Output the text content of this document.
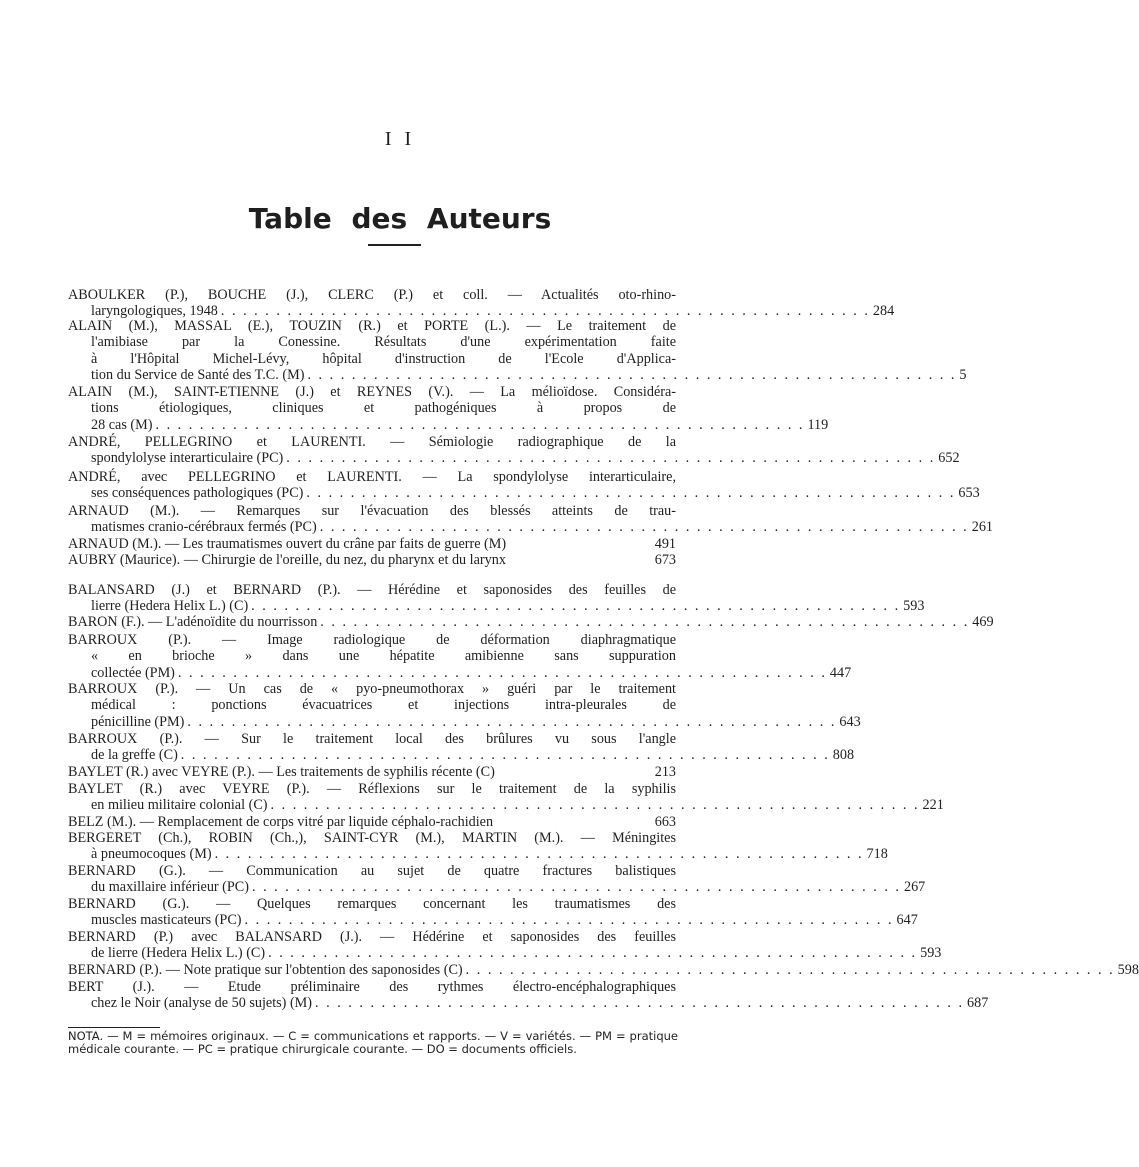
I I
Table des Auteurs
ABOULKER (P.), BOUCHE (J.), CLERC (P.) et coll. — Actualités oto-rhino-
laryngologiques, 1948 . . . . . . . . . . . . . . . . . . . . . . . . . . . . . . . . . . . . . . . . . . . . . . . . . . . . . . . . . . . 284
ALAIN (M.), MASSAL (E.), TOUZIN (R.) et PORTE (L.). — Le traitement de
l'amibiase par la Conessine. Résultats d'une expérimentation faite
à l'Hôpital Michel-Lévy, hôpital d'instruction de l'Ecole d'Applica-
tion du Service de Santé des T.C. (M) . . . . . . . . . . . . . . . . . . . . . . . . . . . . . . . . . . . . . . . . . . . . . . . . . . . . . . . . . . . 5
ALAIN (M.), SAINT-ETIENNE (J.) et REYNES (V.). — La mélioïdose. Considéra-
tions étiologiques, cliniques et pathogéniques à propos de
28 cas (M) . . . . . . . . . . . . . . . . . . . . . . . . . . . . . . . . . . . . . . . . . . . . . . . . . . . . . . . . . . . 119
ANDRÉ, PELLEGRINO et LAURENTI. — Sémiologie radiographique de la
spondylolyse interarticulaire (PC) . . . . . . . . . . . . . . . . . . . . . . . . . . . . . . . . . . . . . . . . . . . . . . . . . . . . . . . . . . . 652
ANDRÉ, avec PELLEGRINO et LAURENTI. — La spondylolyse interarticulaire,
ses conséquences pathologiques (PC) . . . . . . . . . . . . . . . . . . . . . . . . . . . . . . . . . . . . . . . . . . . . . . . . . . . . . . . . . . . 653
ARNAUD (M.). — Remarques sur l'évacuation des blessés atteints de trau-
matismes cranio-cérébraux fermés (PC) . . . . . . . . . . . . . . . . . . . . . . . . . . . . . . . . . . . . . . . . . . . . . . . . . . . . . . . . . . . 261
ARNAUD (M.). — Les traumatismes ouvert du crâne par faits de guerre (M)	491
AUBRY (Maurice). — Chirurgie de l'oreille, du nez, du pharynx et du larynx	673
BALANSARD (J.) et BERNARD (P.). — Hérédine et saponosides des feuilles de
lierre (Hedera Helix L.) (C) . . . . . . . . . . . . . . . . . . . . . . . . . . . . . . . . . . . . . . . . . . . . . . . . . . . . . . . . . . . 593
BARON (F.). — L'adénoïdite du nourrisson . . . . . . . . . . . . . . . . . . . . . . . . . . . . . . . . . . . . . . . . . . . . . . . . . . . . . . . . . . . 469
BARROUX (P.). — Image radiologique de déformation diaphragmatique
« en brioche » dans une hépatite amibienne sans suppuration
collectée (PM) . . . . . . . . . . . . . . . . . . . . . . . . . . . . . . . . . . . . . . . . . . . . . . . . . . . . . . . . . . . 447
BARROUX (P.). — Un cas de « pyo-pneumothorax » guéri par le traitement
médical : ponctions évacuatrices et injections intra-pleurales de
pénicilline (PM) . . . . . . . . . . . . . . . . . . . . . . . . . . . . . . . . . . . . . . . . . . . . . . . . . . . . . . . . . . . 643
BARROUX (P.). — Sur le traitement local des brûlures vu sous l'angle
de la greffe (C) . . . . . . . . . . . . . . . . . . . . . . . . . . . . . . . . . . . . . . . . . . . . . . . . . . . . . . . . . . . 808
BAYLET (R.) avec VEYRE (P.). — Les traitements de syphilis récente (C)	213
BAYLET (R.) avec VEYRE (P.). — Réflexions sur le traitement de la syphilis
en milieu militaire colonial (C) . . . . . . . . . . . . . . . . . . . . . . . . . . . . . . . . . . . . . . . . . . . . . . . . . . . . . . . . . . . 221
BELZ (M.). — Remplacement de corps vitré par liquide céphalo-rachidien	663
BERGERET (Ch.), ROBIN (Ch.,), SAINT-CYR (M.), MARTIN (M.). — Méningites
à pneumocoques (M) . . . . . . . . . . . . . . . . . . . . . . . . . . . . . . . . . . . . . . . . . . . . . . . . . . . . . . . . . . . 718
BERNARD (G.). — Communication au sujet de quatre fractures balistiques
du maxillaire inférieur (PC) . . . . . . . . . . . . . . . . . . . . . . . . . . . . . . . . . . . . . . . . . . . . . . . . . . . . . . . . . . . 267
BERNARD (G.). — Quelques remarques concernant les traumatismes des
muscles masticateurs (PC) . . . . . . . . . . . . . . . . . . . . . . . . . . . . . . . . . . . . . . . . . . . . . . . . . . . . . . . . . . . 647
BERNARD (P.) avec BALANSARD (J.). — Hédérine et saponosides des feuilles
de lierre (Hedera Helix L.) (C) . . . . . . . . . . . . . . . . . . . . . . . . . . . . . . . . . . . . . . . . . . . . . . . . . . . . . . . . . . . 593
BERNARD (P.). — Note pratique sur l'obtention des saponosides (C) . . . . . . . . . . . . . . . . . . . . . . . . . . . . . . . . . . . . . . . . . . . . . . . . . . . . . . . . . . . 598
BERT (J.). — Etude préliminaire des rythmes électro-encéphalographiques
chez le Noir (analyse de 50 sujets) (M) . . . . . . . . . . . . . . . . . . . . . . . . . . . . . . . . . . . . . . . . . . . . . . . . . . . . . . . . . . . 687
NOTA. — M = mémoires originaux. — C = communications et rapports. — V = variétés. — PM = pratique médicale courante. — PC = pratique chirurgicale courante. — DO = documents officiels.
